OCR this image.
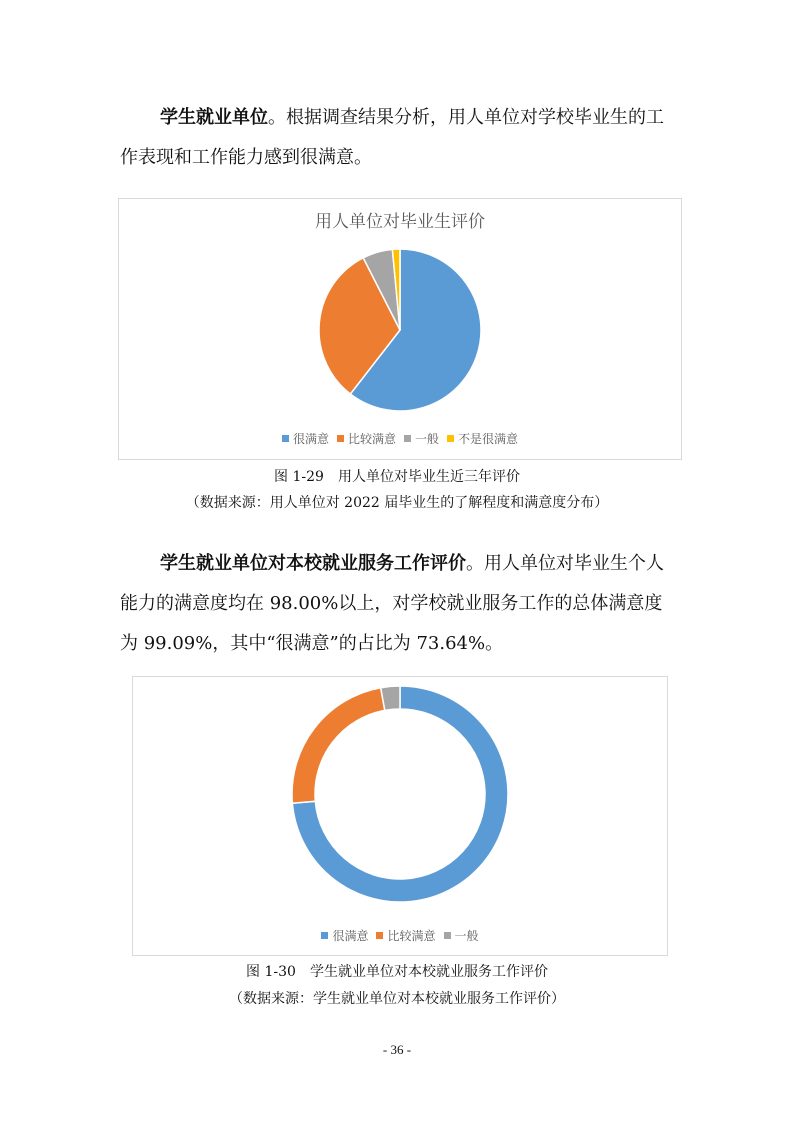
学生就业单位。根据调查结果分析，用人单位对学校毕业生的工
作表现和工作能力感到很满意。
用人单位对毕业生评价
很满意 比较满意 一般 不是很满意
图 1-29　用人单位对毕业生近三年评价
（数据来源：用人单位对 2022 届毕业生的了解程度和满意度分布）
学生就业单位对本校就业服务工作评价。用人单位对毕业生个人
能力的满意度均在 98.00%以上，对学校就业服务工作的总体满意度
为 99.09%，其中“很满意”的占比为 73.64%。
很满意 比较满意 一般
图 1-30　学生就业单位对本校就业服务工作评价
（数据来源：学生就业单位对本校就业服务工作评价）
- 36 -
